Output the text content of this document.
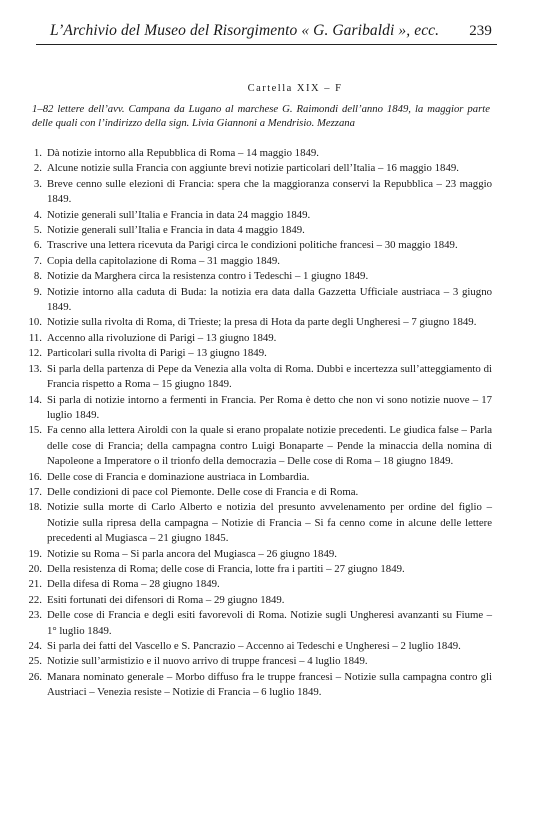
L’Archivio del Museo del Risorgimento « G. Garibaldi », ecc. 239
Cartella XIX – F
1–82 lettere dell’avv. Campana da Lugano al marchese G. Raimondi dell’anno 1849, la maggior parte delle quali con l’indirizzo della sign. Livia Giannoni a Mendrisio. Mezzana
1. Dà notizie intorno alla Repubblica di Roma – 14 maggio 1849.
2. Alcune notizie sulla Francia con aggiunte brevi notizie particolari dell’Italia – 16 maggio 1849.
3. Breve cenno sulle elezioni di Francia: spera che la maggioranza conservi la Repubblica – 23 maggio 1849.
4. Notizie generali sull’Italia e Francia in data 24 maggio 1849.
5. Notizie generali sull’Italia e Francia in data 4 maggio 1849.
6. Trascrive una lettera ricevuta da Parigi circa le condizioni politiche francesi – 30 maggio 1849.
7. Copia della capitolazione di Roma – 31 maggio 1849.
8. Notizie da Marghera circa la resistenza contro i Tedeschi – 1 giugno 1849.
9. Notizie intorno alla caduta di Buda: la notizia era data dalla Gazzetta Ufficiale austriaca – 3 giugno 1849.
10. Notizie sulla rivolta di Roma, di Trieste; la presa di Hota da parte degli Ungheresi – 7 giugno 1849.
11. Accenno alla rivoluzione di Parigi – 13 giugno 1849.
12. Particolari sulla rivolta di Parigi – 13 giugno 1849.
13. Si parla della partenza di Pepe da Venezia alla volta di Roma. Dubbi e incertezza sull’atteggiamento di Francia rispetto a Roma – 15 giugno 1849.
14. Si parla di notizie intorno a fermenti in Francia. Per Roma è detto che non vi sono notizie nuove – 17 luglio 1849.
15. Fa cenno alla lettera Airoldi con la quale si erano propalate notizie precedenti. Le giudica false – Parla delle cose di Francia; della campagna contro Luigi Bonaparte – Pende la minaccia della nomina di Napoleone a Imperatore o il trionfo della democrazia – Delle cose di Roma – 18 giugno 1849.
16. Delle cose di Francia e dominazione austriaca in Lombardia.
17. Delle condizioni di pace col Piemonte. Delle cose di Francia e di Roma.
18. Notizie sulla morte di Carlo Alberto e notizia del presunto avvelenamento per ordine del figlio – Notizie sulla ripresa della campagna – Notizie di Francia – Si fa cenno come in alcune delle lettere precedenti al Mugiasca – 21 giugno 1845.
19. Notizie su Roma – Si parla ancora del Mugiasca – 26 giugno 1849.
20. Della resistenza di Roma; delle cose di Francia, lotte fra i partiti – 27 giugno 1849.
21. Della difesa di Roma – 28 giugno 1849.
22. Esiti fortunati dei difensori di Roma – 29 giugno 1849.
23. Delle cose di Francia e degli esiti favorevoli di Roma. Notizie sugli Ungheresi avanzanti su Fiume – 1° luglio 1849.
24. Si parla dei fatti del Vascello e S. Pancrazio – Accenno ai Tedeschi e Ungheresi – 2 luglio 1849.
25. Notizie sull’armistizio e il nuovo arrivo di truppe francesi – 4 luglio 1849.
26. Manara nominato generale – Morbo diffuso fra le truppe francesi – Notizie sulla campagna contro gli Austriaci – Venezia resiste – Notizie di Francia – 6 luglio 1849.
